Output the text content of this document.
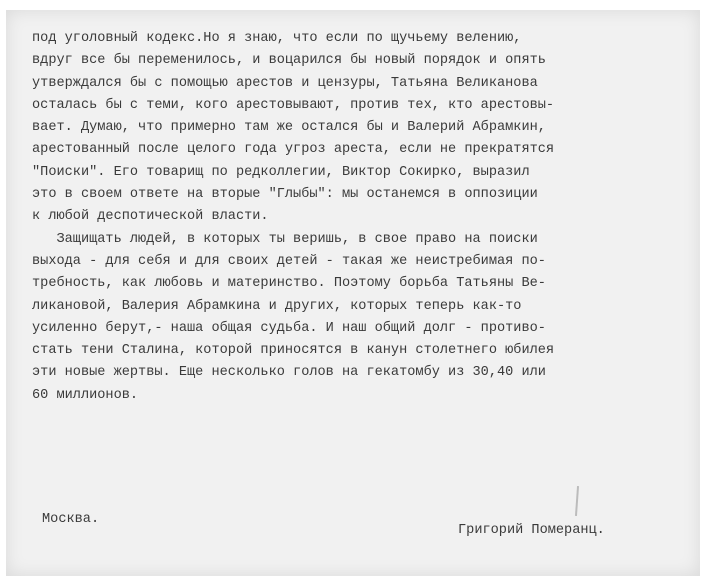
под уголовный кодекс.Но я знаю, что если по щучьему велению,
вдруг все бы переменилось, и воцарился бы новый порядок и опять
утверждался бы с помощью арестов и цензуры, Татьяна Великанова
осталась бы с теми, кого арестовывают, против тех, кто арестовы-
вает. Думаю, что примерно там же остался бы и Валерий Абрамкин,
арестованный после целого года угроз ареста, если не прекратятся
"Поиски". Его товарищ по редколлегии, Виктор Сокирко, выразил
это в своем ответе на вторые "Глыбы": мы останемся в оппозиции
к любой деспотической власти.
Защищать людей, в которых ты веришь, в свое право на поиски
выхода - для себя и для своих детей - такая же неистребимая по-
требность, как любовь и материнство. Поэтому борьба Татьяны Ве-
ликановой, Валерия Абрамкина и других, которых теперь как-то
усиленно берут,- наша общая судьба. И наш общий долг - противо-
стать тени Сталина, которой приносятся в канун столетнего юбилея
эти новые жертвы. Еще несколько голов на гекатомбу из 30,40 или
60 миллионов.
Москва.
Григорий Померанц.
